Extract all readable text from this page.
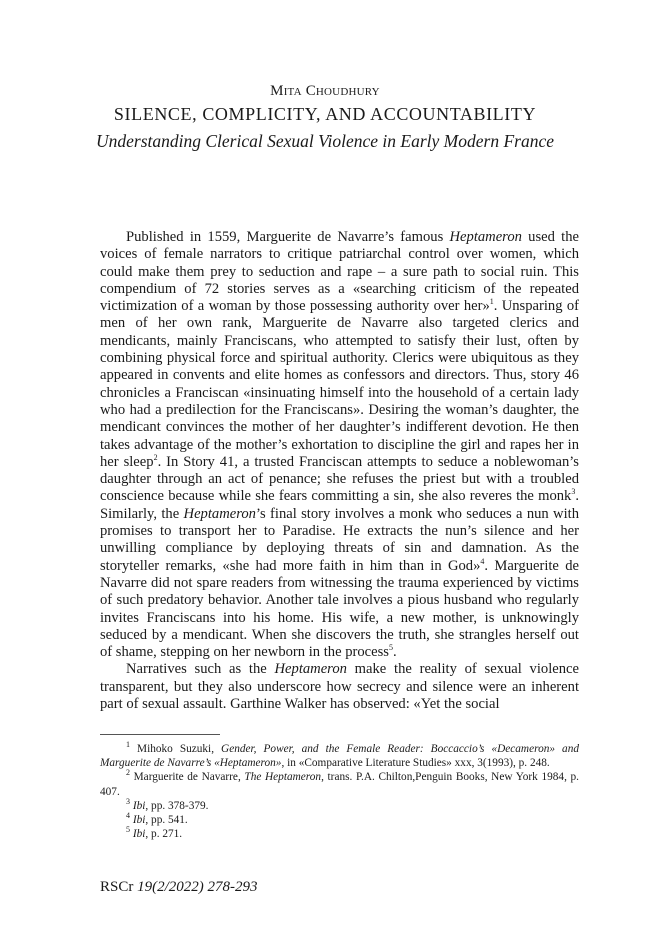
Mita Choudhury
SILENCE, COMPLICITY, AND ACCOUNTABILITY
Understanding Clerical Sexual Violence in Early Modern France

Published in 1559, Marguerite de Navarre’s famous Heptameron used the voices of female narrators to critique patriarchal control over women, which could make them prey to seduction and rape – a sure path to social ruin. This compendium of 72 stories serves as a «searching criticism of the repeated victimization of a woman by those possessing authority over her»$^1$. Unsparing of men of her own rank, Marguerite de Navarre also targeted clerics and mendicants, mainly Franciscans, who attempted to satisfy their lust, often by combining physical force and spiritual authority. Clerics were ubiquitous as they appeared in convents and elite homes as confessors and directors. Thus, story 46 chronicles a Franciscan «insinuating himself into the household of a certain lady who had a predilection for the Franciscans». Desiring the woman’s daughter, the mendicant convinces the mother of her daughter’s indifferent devotion. He then takes advantage of the mother’s exhortation to discipline the girl and rapes her in her sleep$^2$. In Story 41, a trusted Franciscan attempts to seduce a noblewoman’s daughter through an act of penance; she refuses the priest but with a troubled conscience because while she fears committing a sin, she also reveres the monk$^3$. Similarly, the Heptameron’s final story involves a monk who seduces a nun with promises to transport her to Paradise. He extracts the nun’s silence and her unwilling compliance by deploying threats of sin and damnation. As the storyteller remarks, «she had more faith in him than in God»$^4$. Marguerite de Navarre did not spare readers from witnessing the trauma experienced by victims of such predatory behavior. Another tale involves a pious husband who regularly invites Franciscans into his home. His wife, a new mother, is unknowingly seduced by a mendicant. When she discovers the truth, she strangles herself out of shame, stepping on her newborn in the process$^5$.

Narratives such as the Heptameron make the reality of sexual violence transparent, but they also underscore how secrecy and silence were an inherent part of sexual assault. Garthine Walker has observed: «Yet the social

$^1$ Mihoko Suzuki, Gender, Power, and the Female Reader: Boccaccio’s «Decameron» and Marguerite de Navarre’s «Heptameron», in «Comparative Literature Studies» xxx, 3(1993), p. 248.

$^2$ Marguerite de Navarre, The Heptameron, trans. P.A. Chilton,Penguin Books, New York 1984, p. 407.

$^3$ Ibi, pp. 378-379.

$^4$ Ibi, pp. 541.

$^5$ Ibi, p. 271.

RSCr 19(2/2022) 278-293
